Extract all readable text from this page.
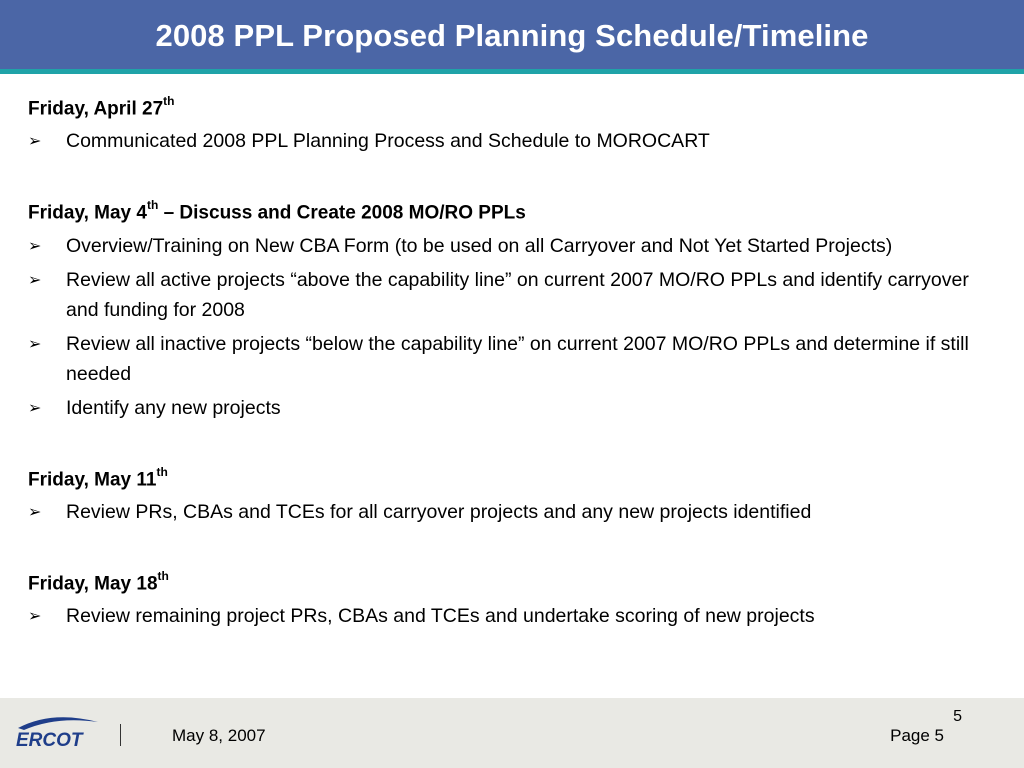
2008 PPL Proposed Planning Schedule/Timeline

Friday, April 27th

➢	Communicated 2008 PPL Planning Process and Schedule to MOROCART

Friday, May 4th – Discuss and Create 2008 MO/RO PPLs

➢	Overview/Training on New CBA Form (to be used on all Carryover and Not Yet Started Projects)
➢	Review all active projects “above the capability line” on current 2007 MO/RO PPLs and identify carryover and funding for 2008
➢	Review all inactive projects “below the capability line” on current 2007 MO/RO PPLs and determine if still needed
➢	Identify any new projects

Friday, May 11th

➢	Review PRs, CBAs and TCEs for all carryover projects and any new projects identified

Friday, May 18th

➢	Review remaining project PRs, CBAs and TCEs and undertake scoring of new projects
ERCOT	May 8, 2007	Page 5
5
